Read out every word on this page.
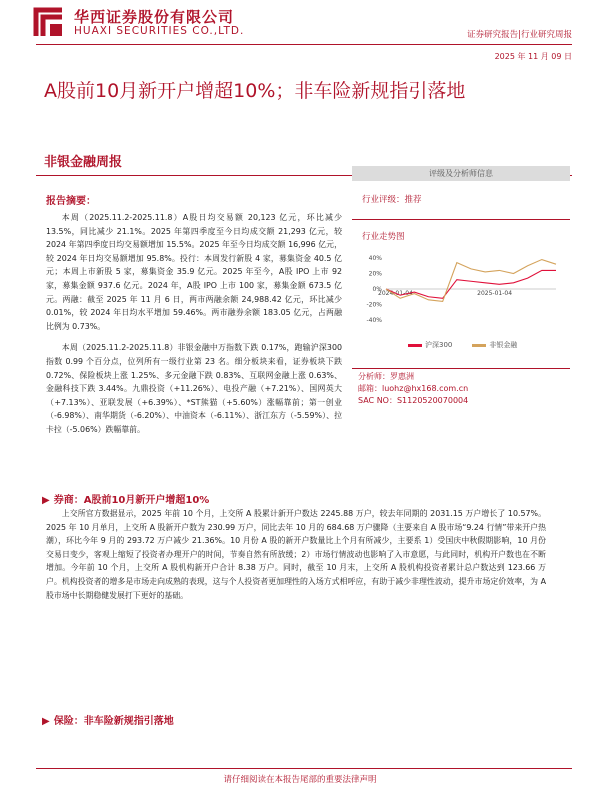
华西证券股份有限公司
HUAXI SECURITIES CO.,LTD.	证券研究报告|行业研究周报
2025 年 11 月 09 日
A股前10月新开户增超10%；非车险新规指引落地
非银金融周报
报告摘要：

本周（2025.11.2-2025.11.8）A股日均交易额 20,123 亿元，环比减少 13.5%，同比减少 21.1%。2025 年第四季度至今日均成交额 21,293 亿元，较 2024 年第四季度日均交易额增加 15.5%。2025 年至今日均成交额 16,996 亿元，较 2024 年日均交易额增加 95.8%。投行：本周发行新股 4 家，募集资金 40.5 亿元；本周上市新股 5 家，募集资金 35.9 亿元。2025 年至今，A股 IPO 上市 92 家，募集金额 937.6 亿元。2024 年，A股 IPO 上市 100 家，募集金额 673.5 亿元。两融：截至 2025 年 11 月 6 日，两市两融余额 24,988.42 亿元，环比减少 0.01%，较 2024 年日均水平增加 59.46%。两市融券余额 183.05 亿元，占两融比例为 0.73%。

本周（2025.11.2-2025.11.8）非银金融中万指数下跌 0.17%，跑输沪深300 指数 0.99 个百分点，位列所有一级行业第 23 名。细分板块来看，证券板块下跌 0.72%、保险板块上涨 1.25%、多元金融下跌 0.83%、互联网金融上涨 0.63%、金融科技下跌 3.44%。九鼎投资（+11.26%）、电投产融（+7.21%）、国网英大（+7.13%）、亚联发展（+6.39%）、*ST熊猫（+5.60%）涨幅靠前；第一创业（-6.98%）、南华期货（-6.20%）、中油资本（-6.11%）、浙江东方（-5.59%）、拉卡拉（-5.06%）跌幅靠前。

▶ 券商：A股前10月新开户增超10%

上交所官方数据显示，2025 年前 10 个月，上交所 A 股累计新开户数达 2245.88 万户，较去年同期的 2031.15 万户增长了 10.57%。2025 年 10 月单月，上交所 A 股新开户数为 230.99 万户，同比去年 10 月的 684.68 万户骤降（主要来自 A 股市场“9.24 行情”带来开户热潮），环比今年 9 月的 293.72 万户减少 21.36%。10 月份 A 股的新开户数量比上个月有所减少，主要系 1）受国庆中秋假期影响，10 月份交易日变少，客观上缩短了投资者办理开户的时间，节奏自然有所放缓；2）市场行情波动也影响了入市意愿，与此同时，机构开户数也在不断增加。今年前 10 个月，上交所 A 股机构新开户合计 8.38 万户。同时，截至 10 月末，上交所 A 股机构投资者累计总户数达到 123.66 万户。机构投资者的增多是市场走向成熟的表现，这与个人投资者更加理性的入场方式相呼应，有助于减少非理性波动，提升市场定价效率，为 A 股市场中长期稳健发展打下更好的基础。

▶ 保险：非车险新规指引落地
评级及分析师信息
行业评级：推荐
行业走势图
40%
20%
0%
-20%
-40%
2024-01-04	2025-01-04
沪深300	非银金融
分析师：罗惠洲
邮箱：luohz@hx168.com.cn
SAC NO：S1120520070004
请仔细阅读在本报告尾部的重要法律声明
